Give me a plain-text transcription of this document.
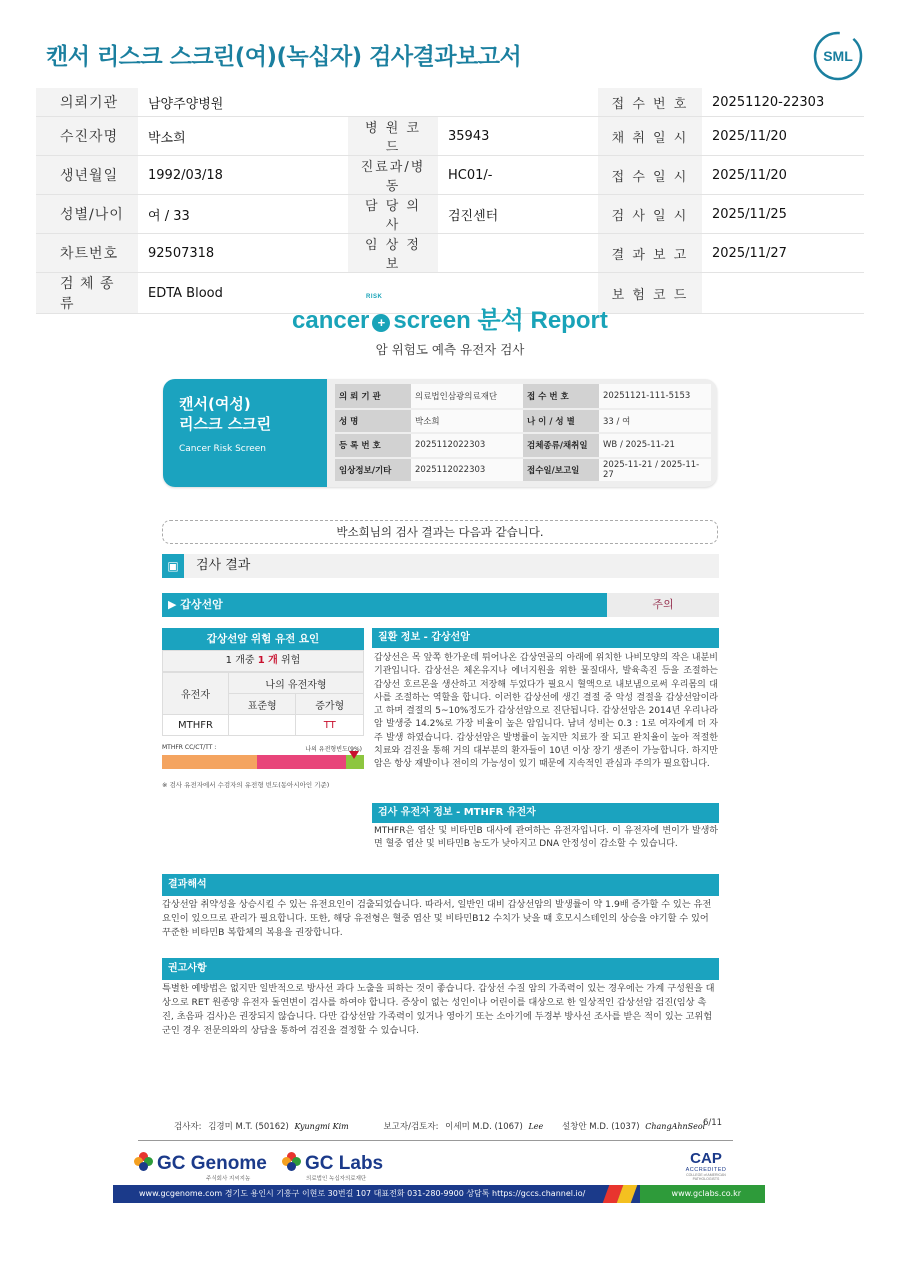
캔서 리스크 스크린(여)(녹십자) 검사결과보고서	SML
의뢰기관	남양주양병원			접 수 번 호	20251120-22303
수진자명	박소희	병 원 코 드	35943	채 취 일 시	2025/11/20
생년월일	1992/03/18	진료과/병동	HC01/-	접 수 일 시	2025/11/20
성별/나이	여 / 33	담 당 의 사	검진센터	검 사 일 시	2025/11/25
차트번호	92507318	임 상 정 보		결 과 보 고	2025/11/27
검 체 종 류	EDTA Blood			보 험 코 드	
cancer + screen 분석 Report
RISK
암 위험도 예측 유전자 검사
캔서(여성)
리스크 스크린
Cancer Risk Screen
의 뢰 기 관	의료법인삼광의료재단	접 수 번 호	20251121-111-5153
성 명	박소희	나 이 / 성 별	33 / 여
등 록 번 호	2025112022303	검체종류/채취일	WB / 2025-11-21
임상정보/기타	2025112022303	접수일/보고일	2025-11-21 / 2025-11-27
박소희님의 검사 결과는 다음과 같습니다.
▣	검사 결과
▶ 갑상선암	주의
갑상선암 위험 유전 요인
1 개중 1 개 위험
유전자	나의 유전자형	
	표준형	증가형
MTHFR		TT
MTHFR CC/CT/TT :	나의 유전형빈도(9%)
※ 검사 유전자에서 수검자의 유전형 빈도(동아시아인 기준)
질환 정보 - 갑상선암
갑상선은 목 앞쪽 한가운데 튀어나온 갑상연골의 아래에 위치한 나비모양의 작은 내분비기관입니다. 갑상선은 체온유지나 에너지원을 위한 물질대사, 발육촉진 등을 조절하는 갑상선 호르몬을 생산하고 저장해 두었다가 필요시 혈액으로 내보냄으로써 우리몸의 대사를 조절하는 역할을 합니다. 이러한 갑상선에 생긴 결절 중 악성 결절을 갑상선암이라고 하며 결절의 5~10%정도가 갑상선암으로 진단됩니다. 갑상선암은 2014년 우리나라 암 발생중 14.2%로 가장 비율이 높은 암입니다. 남녀 성비는 0.3 : 1로 여자에게 더 자주 발생 하였습니다. 갑상선암은 발병률이 높지만 치료가 잘 되고 완치율이 높아 적절한 치료와 검진을 통해 거의 대부분의 환자들이 10년 이상 장기 생존이 가능합니다. 하지만 암은 항상 재발이나 전이의 가능성이 있기 때문에 지속적인 관심과 주의가 필요합니다.
검사 유전자 정보 - MTHFR 유전자
MTHFR은 엽산 및 비타민B 대사에 관여하는 유전자입니다. 이 유전자에 변이가 발생하면 혈중 엽산 및 비타민B 농도가 낮아지고 DNA 안정성이 감소할 수 있습니다.
결과해석
갑상선암 취약성을 상승시킬 수 있는 유전요인이 검출되었습니다. 따라서, 일반인 대비 갑상선암의 발생률이 약 1.9배 증가할 수 있는 유전요인이 있으므로 관리가 필요합니다. 또한, 해당 유전형은 혈중 엽산 및 비타민B12 수치가 낮을 때 호모시스테인의 상승을 야기할 수 있어 꾸준한 비타민B 복합체의 복용을 권장합니다.
권고사항
특별한 예방법은 없지만 일반적으로 방사선 과다 노출을 피하는 것이 좋습니다. 갑상선 수질 암의 가족력이 있는 경우에는 가계 구성원을 대상으로 RET 원종양 유전자 돌연변이 검사를 하여야 합니다. 증상이 없는 성인이나 어린이를 대상으로 한 일상적인 갑상선암 검진(임상 촉진, 초음파 검사)은 권장되지 않습니다. 다만 갑상선암 가족력이 있거나 영아기 또는 소아기에 두경부 방사선 조사를 받은 적이 있는 고위험군인 경우 전문의와의 상담을 통하여 검진을 결정할 수 있습니다.
검사자: 김경미 M.T. (50162) Kyungmi Kim	보고자/검토자: 이세미 M.D. (1067) Lee 설창안 M.D. (1037) ChangAhnSeol
6/11
GC Genome
주식회사 지씨지놈
GC Labs
의료법인 녹십자의료재단
CAP
ACCREDITED
COLLEGE of AMERICAN PATHOLOGISTS
www.gcgenome.com 경기도 용인시 기흥구 이현로 30번길 107 대표전화 031-280-9900 상담톡 https://gccs.channel.io/	www.gclabs.co.kr
